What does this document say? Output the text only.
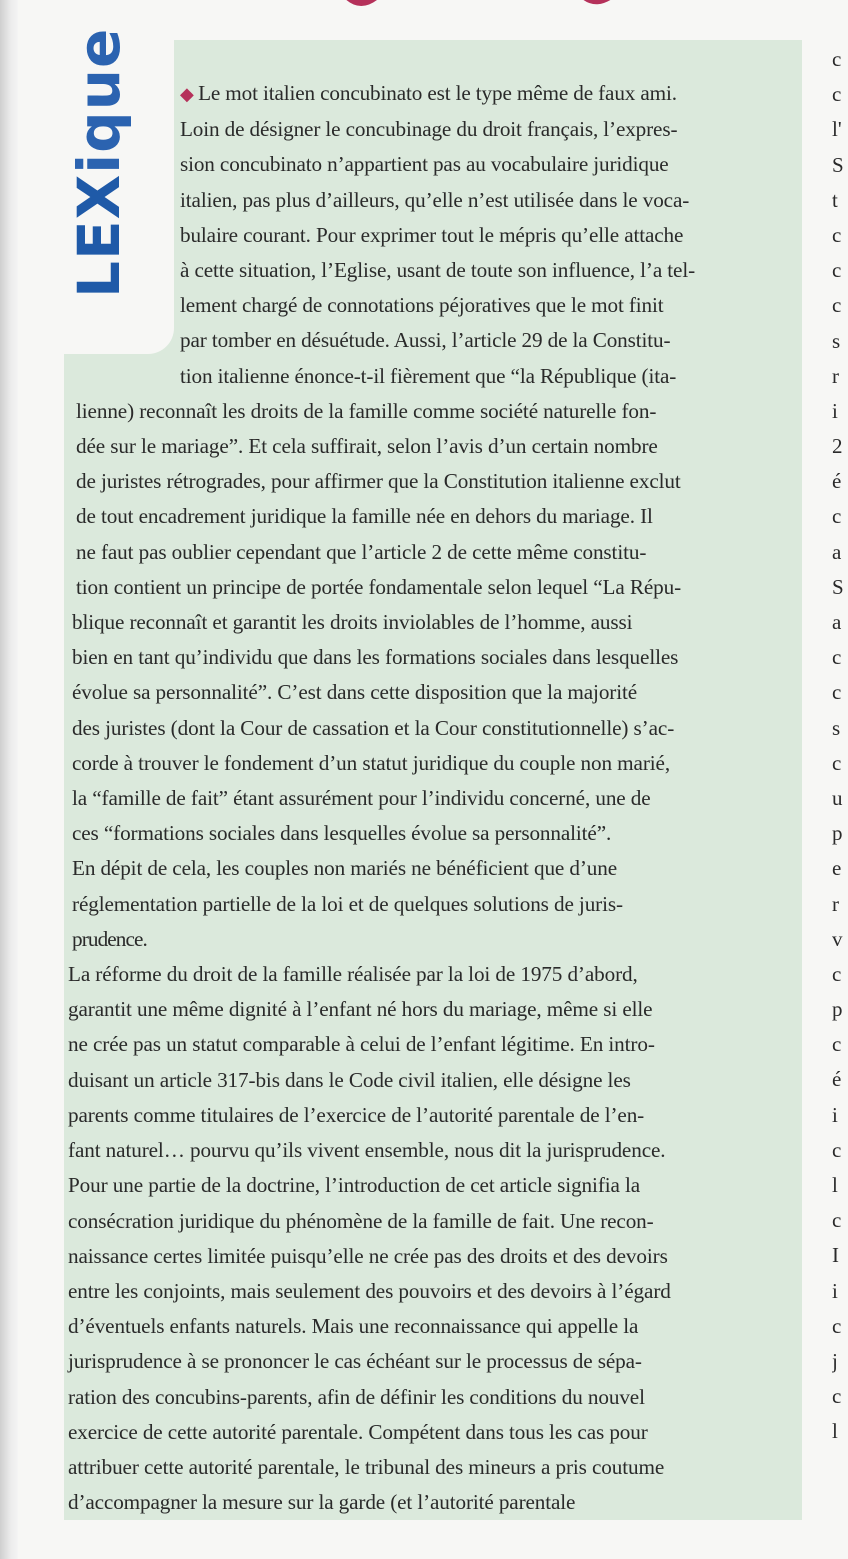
LEXique	◆ Le mot italien concubinato est le type même de faux ami.
Loin de désigner le concubinage du droit français, l’expres-
sion concubinato n’appartient pas au vocabulaire juridique
italien, pas plus d’ailleurs, qu’elle n’est utilisée dans le voca-
bulaire courant. Pour exprimer tout le mépris qu’elle attache
à cette situation, l’Eglise, usant de toute son influence, l’a tel-
lement chargé de connotations péjoratives que le mot finit
par tomber en désuétude. Aussi, l’article 29 de la Constitu-
tion italienne énonce-t-il fièrement que “la République (ita-
lienne) reconnaît les droits de la famille comme société naturelle fon-
dée sur le mariage”. Et cela suffirait, selon l’avis d’un certain nombre
de juristes rétrogrades, pour affirmer que la Constitution italienne exclut
de tout encadrement juridique la famille née en dehors du mariage. Il
ne faut pas oublier cependant que l’article 2 de cette même constitu-
tion contient un principe de portée fondamentale selon lequel “La Répu-
blique reconnaît et garantit les droits inviolables de l’homme, aussi
bien en tant qu’individu que dans les formations sociales dans lesquelles
évolue sa personnalité”. C’est dans cette disposition que la majorité
des juristes (dont la Cour de cassation et la Cour constitutionnelle) s’ac-
corde à trouver le fondement d’un statut juridique du couple non marié,
la “famille de fait” étant assurément pour l’individu concerné, une de
ces “formations sociales dans lesquelles évolue sa personnalité”.
En dépit de cela, les couples non mariés ne bénéficient que d’une
réglementation partielle de la loi et de quelques solutions de juris-
prudence.
La réforme du droit de la famille réalisée par la loi de 1975 d’abord,
garantit une même dignité à l’enfant né hors du mariage, même si elle
ne crée pas un statut comparable à celui de l’enfant légitime. En intro-
duisant un article 317-bis dans le Code civil italien, elle désigne les
parents comme titulaires de l’exercice de l’autorité parentale de l’en-
fant naturel… pourvu qu’ils vivent ensemble, nous dit la jurisprudence.
Pour une partie de la doctrine, l’introduction de cet article signifia la
consécration juridique du phénomène de la famille de fait. Une recon-
naissance certes limitée puisqu’elle ne crée pas des droits et des devoirs
entre les conjoints, mais seulement des pouvoirs et des devoirs à l’égard
d’éventuels enfants naturels. Mais une reconnaissance qui appelle la
jurisprudence à se prononcer le cas échéant sur le processus de sépa-
ration des concubins-parents, afin de définir les conditions du nouvel
exercice de cette autorité parentale. Compétent dans tous les cas pour
attribuer cette autorité parentale, le tribunal des mineurs a pris coutume
d’accompagner la mesure sur la garde (et l’autorité parentale
c
c
l'
S
t
c
c
c
s
r
i
2
é
c
a
S
a
c
c
s
c
u
p
e
r
v
c
p
c
é
i
c
l
c
I
i
c
j
c
l
